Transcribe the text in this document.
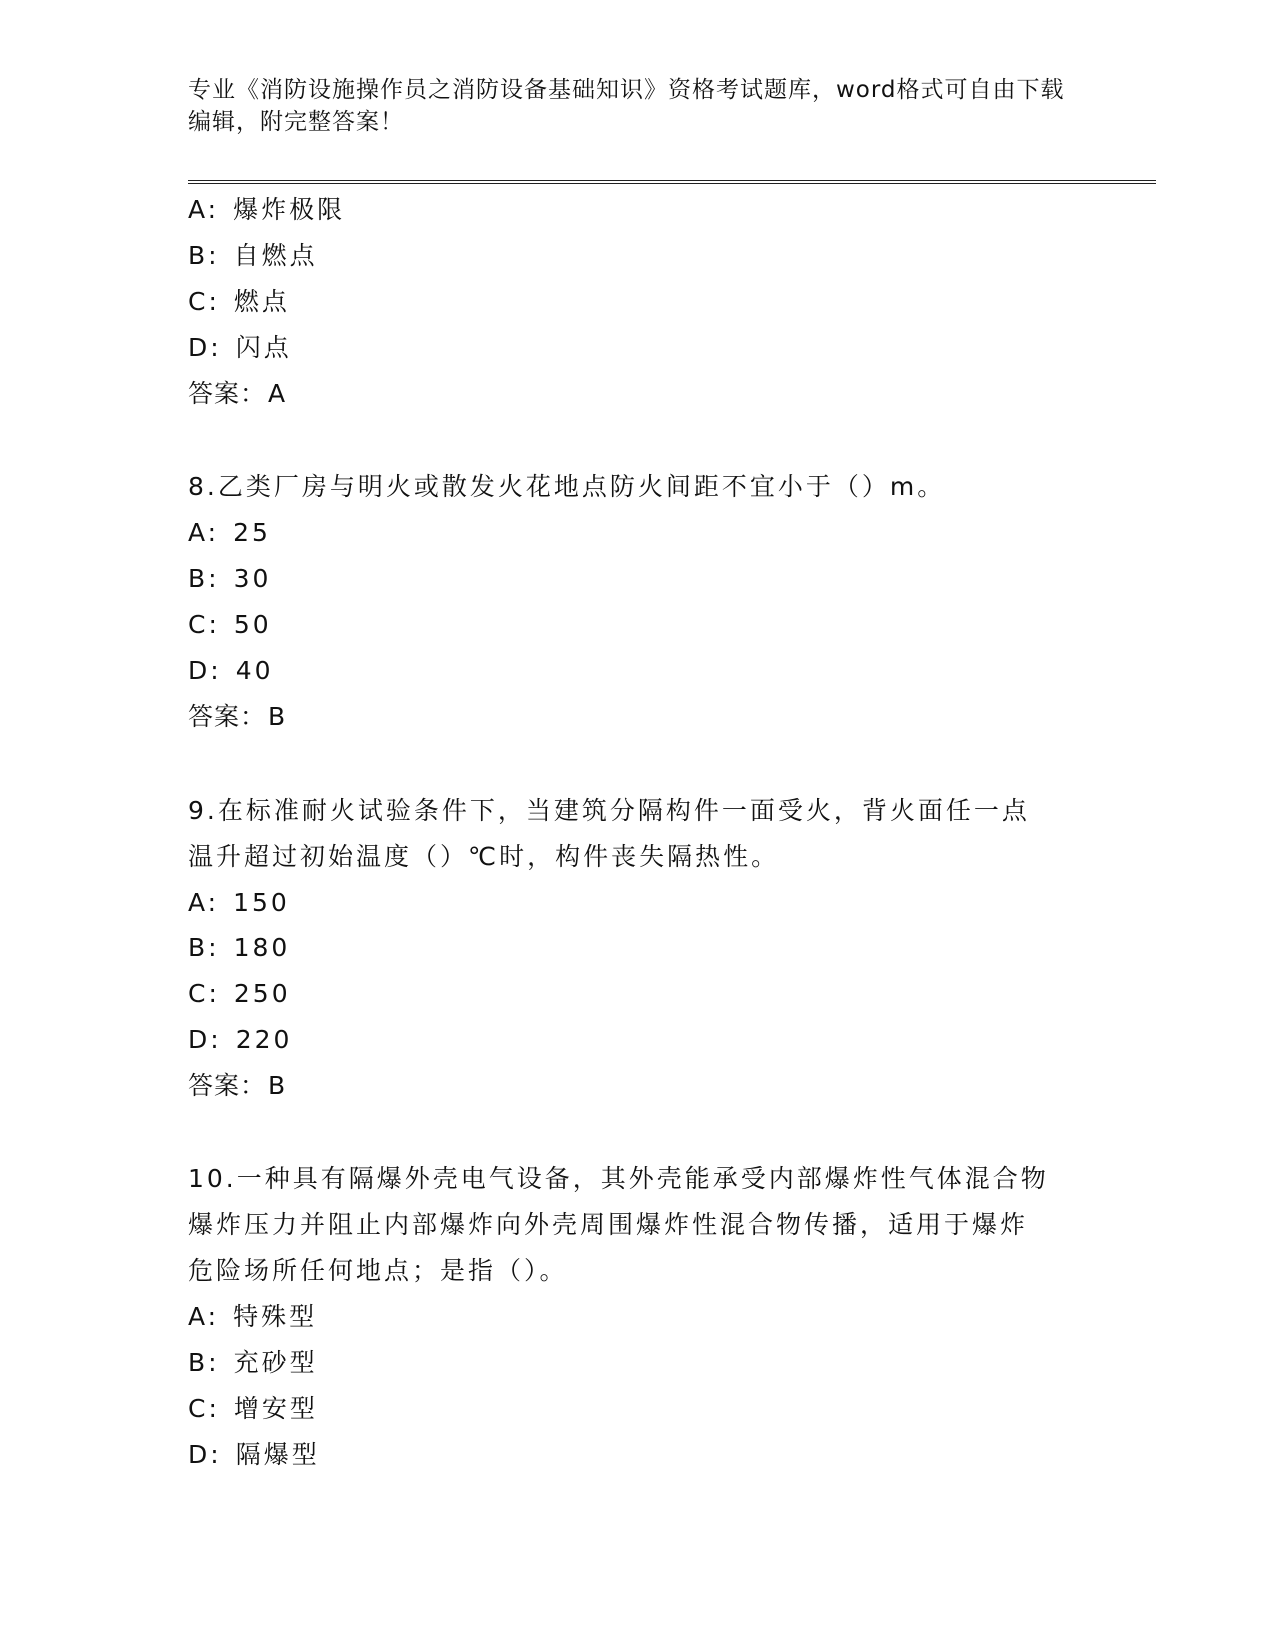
专业《消防设施操作员之消防设备基础知识》资格考试题库，word格式可自由下载编辑，附完整答案！
A: 爆炸极限
B: 自燃点
C: 燃点
D: 闪点
答案：A
8.乙类厂房与明火或散发火花地点防火间距不宜小于（）m。
A: 25
B: 30
C: 50
D: 40
答案：B
9.在标准耐火试验条件下，当建筑分隔构件一面受火，背火面任一点
温升超过初始温度（）℃时，构件丧失隔热性。
A: 150
B: 180
C: 250
D: 220
答案：B
10.一种具有隔爆外壳电气设备，其外壳能承受内部爆炸性气体混合物
爆炸压力并阻止内部爆炸向外壳周围爆炸性混合物传播，适用于爆炸
危险场所任何地点；是指（）。
A: 特殊型
B: 充砂型
C: 增安型
D: 隔爆型
